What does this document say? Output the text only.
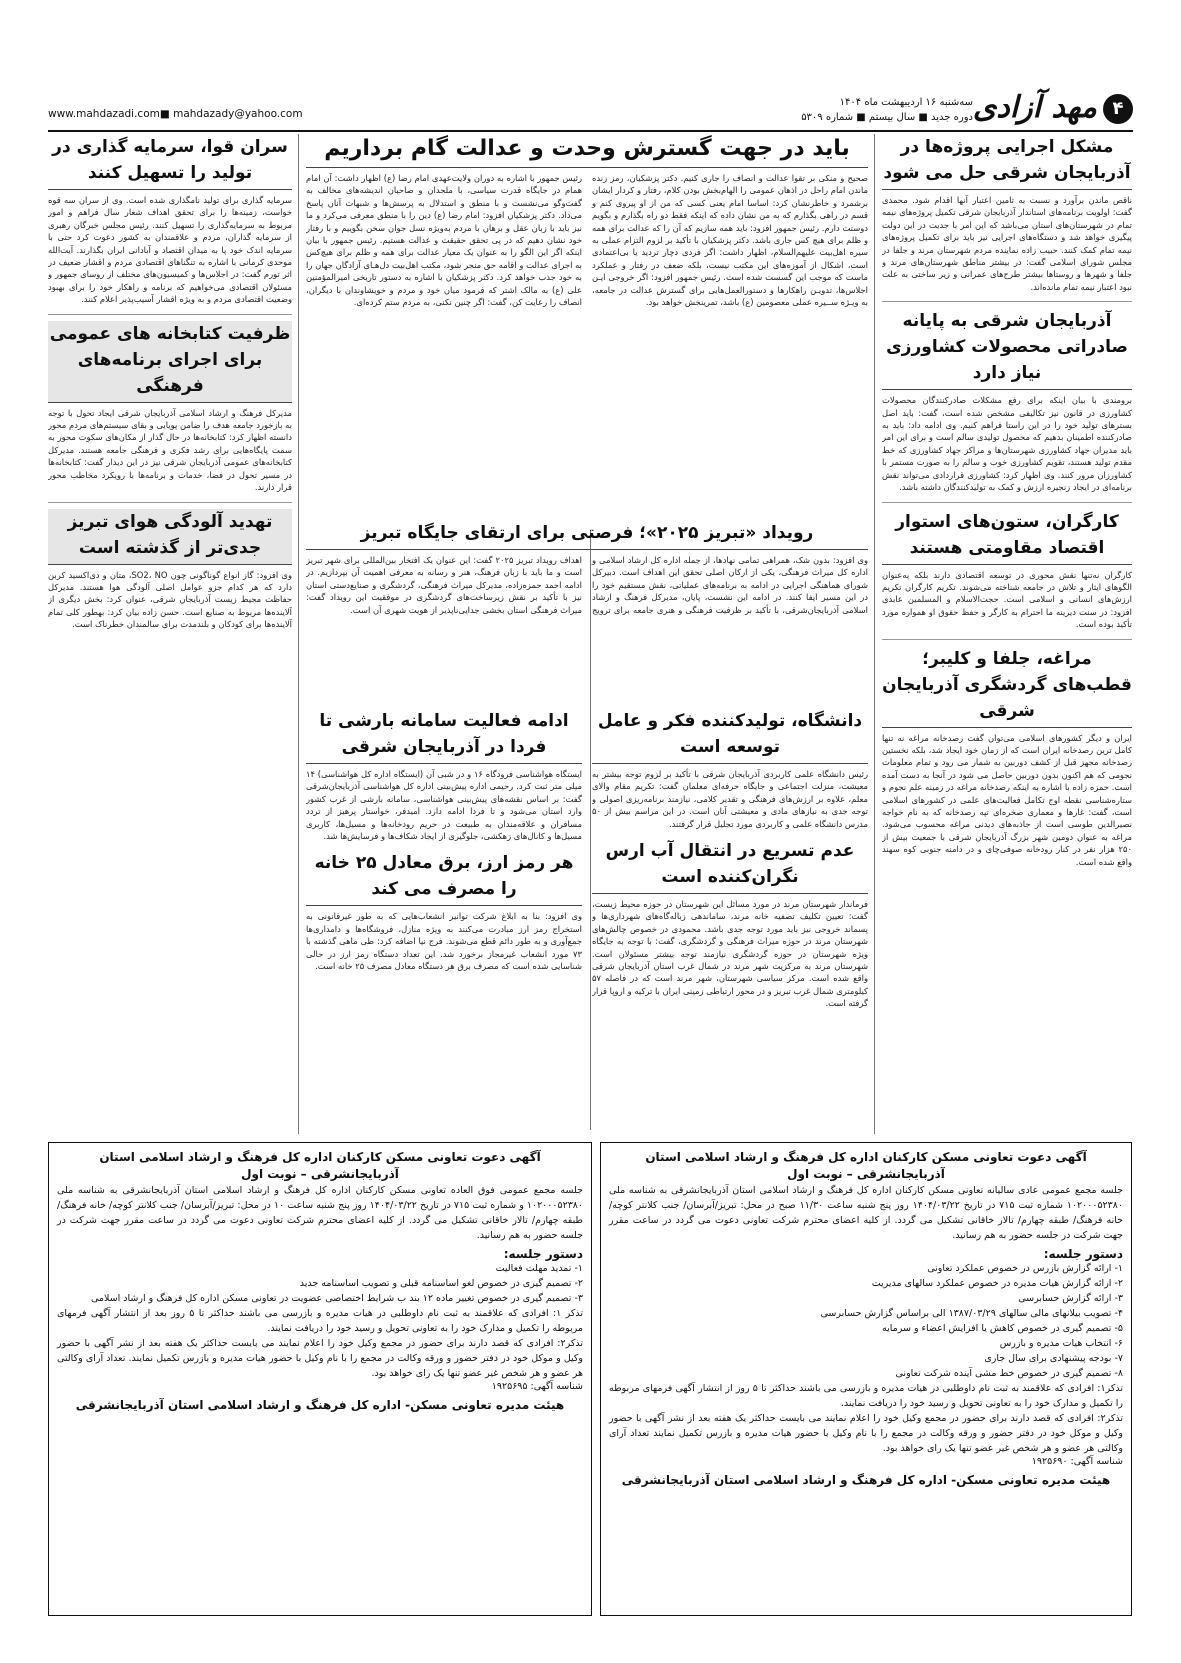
۴
مهد آزادی
سه‌شنبه ۱۶ اردیبهشت ماه ۱۴۰۴
دوره جدید ■ سال بیستم ■ شماره ۵۳۰۹
www.mahdazadi.com■ mahdazady@yahoo.com
مشکل اجرایی پروژه‌ها در آذربایجان شرقی حل می شود
ناقص ماندن برآورد و نسبت به تامین اعتبار آنها اقدام شود. محمدی گفت: اولویت برنامه‌های استاندار آذربایجان شرقی تکمیل پروژه‌های نیمه تمام در شهرستان‌های استان می‌باشد که این امر با جدیت در این دولت پیگیری خواهد شد و دستگاه‌های اجرایی نیز باید برای تکمیل پروژه‌های نیمه تمام کمک کنند. حبیب زاده نماینده مردم شهرستان مرند و جلفا در مجلس شورای اسلامی گفت: در بیشتر مناطق شهرستان‌های مرند و جلفا و شهرها و روستاها بیشتر طرح‌های عمرانی و زیر ساختی به علت نبود اعتبار نیمه تمام مانده‌اند.
آذربایجان شرقی به پایانه صادراتی محصولات کشاورزی نیاز دارد
برومندی با بیان اینکه برای رفع مشکلات صادرکنندگان محصولات کشاورزی در قانون نیز تکالیفی مشخص شده است، گفت: باید اصل بسترهای تولید خود را در این راستا فراهم کنیم. وی ادامه داد: باید به صادرکننده اطمینان بدهیم که محصول تولیدی سالم است و برای این امر باید مدیران جهاد کشاورزی شهرستان‌ها و مراکز جهاد کشاورزی که خط مقدم تولید هستند، تقویم کشاورزی خوب و سالم را به صورت مستمر با کشاورزان مرور کنند. وی اظهار کرد: کشاورزی قراردادی می‌تواند نقش برنامه‌ای در ایجاد زنجیره ارزش و کمک به تولیدکنندگان داشته باشد.
کارگران، ستون‌های استوار اقتصاد مقاومتی هستند
کارگران نه‌تنها نقش محوری در توسعه اقتصادی دارند بلکه به‌عنوان الگوهای ایثار و تلاش در جامعه شناخته می‌شوند. تکریم کارگران تکریم ارزش‌های انسانی و اسلامی است. حجت‌الاسلام و المسلمین عابدی افزود: در سنت دیرینه ما احترام به کارگر و حفظ حقوق او همواره مورد تأکید بوده است.
مراغه، جلفا و کلیبر؛ قطب‌های گردشگری آذربایجان شرقی
ایران و دیگر کشورهای اسلامی می‌توان گفت رصدخانه مراغه نه تنها کامل ترین رصدخانه ایران است که از زمان خود ایجاد شد، بلکه نخستین رصدخانه مجهز قبل از کشف دوربین به شمار می رود و تمام معلومات نجومی که هم اکنون بدون دوربین حاصل می شود در آنجا به دست آمده است. حمزه زاده با اشاره به اینکه رصدخانه مراغه در زمینه علم نجوم و ستاره‌شناسی نقطه اوج تکامل فعالیت‌های علمی در کشورهای اسلامی است، گفت: غارها و معماری صخره‌ای تپه رصدخانه که به نام خواجه نصیرالدین طوسی است از جاذبه‌های دیدنی مراغه محسوب می‌شود. مراغه به عنوان دومین شهر بزرگ آذربایجان شرقی با جمعیت بیش از ۲۵۰ هزار نفر در کنار رودخانه صوفی‌چای و در دامنه جنوبی کوه سهند واقع شده است.
باید در جهت گسترش وحدت و عدالت گام برداریم
صحیح و منکی بر تقوا عدالت و انصاف را جاری کنیم. دکتر پزشکیان، رمز زنده ماندن امام راحل در اذهان عمومی را الهام‌بخش بودن کلام، رفتار و کردار ایشان برشمرد و خاطرنشان کرد: اساسا امام یعنی کسی که من از او پیروی کنم و قسم در راهی بگذارم که به من نشان داده که اینکه فقط دو راه بگذارم و بگویم دوستت دارم. رئیس جمهور افزود: باید همه سازیم که آن را که عدالت برای همه و ظلم برای هیچ کس جاری باشد. دکتر پزشکیان با تأکید بر لزوم التزام عملی به سیره اهل‌بیت علیهم‌السلام، اظهار داشت: اگر فردی دچار تردید یا بی‌اعتمادی است، اشکال از آموزه‌های این مکتب نیست، بلکه ضعف در رفتار و عملکرد ماست که موجب این گسست شده است. رئیس جمهور افزود: اگر خروجی ایـن اجلاس‌ها، تدویـن راهکارها و دستورالعمل‌هایی برای گسترش عدالت در جامعه، به ویـژه ســیره عملی معصومین (ع) باشد، تمرینخش خواهد بود.
رئیس جمهور با اشاره به دوران ولایت‌عهدی امام رضا (ع) اظهار داشت: آن امام همام در جایگاه قدرت سیاسی، با ملحدان و صاحبان اندیشه‌های مخالف به گفت‌وگو می‌نشست و با منطق و استدلال به پرسش‌ها و شبهات آنان پاسخ می‌داد. دکتر پزشکیان افزود: امام رضا (ع) دین را با منطق معرفی می‌کرد و ما نیز باید با زبان عقل و برهان با مردم به‌ویژه نسل جوان سخن بگوییم و با رفتار خود نشان دهیم که در پی تحقق حقیقت و عدالت هستیم. رئیس جمهور با بیان اینکه اگر این الگو را به عنوان یک معیار عدالت برای همه و ظلم برای هیچ‌کس به اجرای عدالت و اقامه حق منجر شود، مکتب اهل‌بیت دل‌هـای آزادگان جهان را به خود جذب خواهد کرد. دکتر پزشکیان با اشاره به دستور تاریخی امیرالمؤمنین علی (ع) به مالک اشتر که فرمود میان خود و مردم و خویشاوندان با دیگران، انصاف را رعایت کن، گفت: اگر چنین نکنی، به مردم ستم کرده‌ای.
رویداد «تبریز ۲۰۲۵»؛ فرصتی برای ارتقای جایگاه تبریز
وی افزود: بدون شک، همراهی تمامی نهادها، از جمله اداره کل ارشاد اسلامی و اداره کل میراث فرهنگی، یکی از ارکان اصلی تحقق این اهداف است. دبیرکل شورای هماهنگی اجرایی در ادامه به برنامه‌های عملیاتی، نقش مستقیم خود را در این مسیر ایفا کنند. در ادامه این نشست، پایان، مدیرکل فرهنگ و ارشاد اسلامی آذربایجان‌شرقی، با تأکید بر ظرفیت فرهنگی و هنری جامعه برای ترویج اهداف رویداد تبریز ۲۰۲۵ گفت: این عنوان یک افتخار بین‌المللی برای شهر تبریز است و ما باید با زبان فرهنگ، هنر و رسانه به معرفی اهمیت آن بپردازیم. در ادامه احمد حمزه‌زاده، مدیرکل میراث فرهنگی، گردشگری و صنایع‌دستی استان نیز با تأکید بر نقش زیرساخت‌های گردشگری در موفقیت این رویداد گفت: میراث فرهنگی استان بخشی جدایی‌ناپذیر از هویت شهری آن است.
دانشگاه، تولیدکننده فکر و عامل توسعه است
رئیس دانشگاه علمی کاربردی آذربایجان شرقی با تأکید بر لزوم توجه بیشتر به معیشت، منزلت اجتماعی و جایگاه حرفه‌ای معلمان گفت: تکریم مقام والای معلم، علاوه بر ارزش‌های فرهنگی و تقدیر کلامی، نیازمند برنامه‌ریزی اصولی و توجه جدی به نیازهای مادی و معیشتی آنان است. در این مراسم بیش از ۵۰ مدرس دانشگاه علمی و کاربردی مورد تجلیل قرار گرفتند.
عدم تسریع در انتقال آب ارس نگران‌کننده است
فرماندار شهرستان مرند در مورد مسائل این شهرستان در حوزه محیط زیست، گفت: تعیین تکلیف تصفیه خانه مرند، ساماندهی زباله‌گاه‌های شهرداری‌ها و پسماند خروجی نیز باید مورد توجه جدی باشد. محمودی در خصوص چالش‌های شهرستان مرند در حوزه میراث فرهنگی و گردشگری، گفت: با توجه به جایگاه ویژه شهرستان در حوزه گردشگری نیازمند توجه بیشتر مسئولان است. شهرستان مرند به مرکزیت شهر مرند در شمال غرب استان آذربایجان شرقی واقع شده است. مرکز سیاسی شهرستان، شهر مرند است که در فاصله ۵۷ کیلومتری شمال غرب تبریز و در محور ارتباطی زمینی ایران با ترکیه و اروپا قرار گرفته است.
ادامه فعالیت سامانه بارشی تا فردا در آذربایجان شرقی
ایستگاه هواشناسی فرودگاه ۱۶ و در شبی آن (ایستگاه اداره کل هواشناسی) ۱۴ میلی متر ثبت کرد. رحیمی اداره پیش‌بینی اداره کل هواشناسی آذربایجان‌شرقی گفت: بر اساس نقشه‌های پیش‌بینی هواشناسی، سامانه بارشی از غرب کشور وارد استان می‌شود و تا فردا ادامه دارد. امیدفر، خواستار پرهیز از تردد مسافران و علاقه‌مندان به طبیعت در حریم رودخانه‌ها و مسیل‌ها، کاربری مسیل‌ها و کانال‌های زهکشی، جلوگیری از ایجاد شکاف‌ها و فرسایش‌ها شد.
هر رمز ارز، برق معادل ۲۵ خانه را مصرف می کند
وی افزود: بنا به ابلاغ شرکت توانیر انشعاب‌هایی که به طور غیرقانونی به استخراج رمز ارز مبادرت می‌کنند به ویژه منازل، فروشگاه‌ها و دامداری‌ها جمع‌آوری و به طور دائم قطع می‌شوند. فرج نیا اضافه کرد: طی ماهی گذشته با ۷۳ مورد انشعاب غیرمجاز برخورد شد. این تعداد دستگاه رمز ارز در حالی شناسایی شده است که مصرف برق هر دستگاه معادل مصرف ۲۵ خانه است.
سران قوا، سرمایه گذاری در تولید را تسهیل کنند
سرمایه گذاری برای تولید نامگذاری شده است. وی از سران سه قوه خواست، زمینه‌ها را برای تحقق اهداف شعار سال فراهم و امور مربوط به سرمایه‌گذاری را تسهیل کنند. رئیس مجلس خبرگان رهبری از سرمایه گذاران، مردم و علاقمندان به کشور دعوت کرد حتی با سرمایه اندک خود پا به میدان اقتصاد و آبادانی ایران بگذارند. آیت‌الله موحدی کرمانی با اشاره به تنگناهای اقتصادی مردم و اقشار ضعیف در اثر تورم گفت: در اجلاس‌ها و کمیسیون‌های مختلف از روسای جمهور و مسئولان اقتصادی می‌خواهیم که برنامه و راهکار خود را برای بهبود وضعیت اقتصادی مردم و به ویژه اقشار آسیب‌پذیر اعلام کنند.
ظرفیت کتابخانه های عمومی برای اجرای برنامه‌های فرهنگی
مدیرکل فرهنگ و ارشاد اسلامی آذربایجان شرقی ایجاد تحول با توجه به بازخورد جامعه هدف را ضامن پویایی و بقای سیستم‌های مردم محور دانسته اظهار کرد: کتابخانه‌ها در حال گذار از مکان‌های سکوت محور به سمت پایگاه‌هایی برای رشد فکری و فرهنگی جامعه هستند. مدیرکل کتابخانه‌های عمومی آذربایجان شرقی نیز در این دیدار گفت: کتابخانه‌ها در مسیر تحول در فضا، خدمات و برنامه‌ها با رویکرد مخاطب محور قرار دارند.
تهدید آلودگی هوای تبریز جدی‌تر از گذشته است
وی افزود: گاز انواع گوناگونی چون SO2، NO، متان و دی‌اکسید کربن دارد که هر کدام جزو عوامل اصلی آلودگی هوا هستند. مدیرکل حفاظت محیط زیست آذربایجان شرقی، عنوان کرد: بخش دیگری از آلاینده‌ها مربوط به صنایع است. حسن زاده بیان کرد: بهطور کلی تمام آلاینده‌ها برای کودکان و بلندمدت برای سالمندان خطرناک است.
آگهی دعوت تعاونی مسکن کارکنان اداره کل فرهنگ و ارشاد اسلامی استان آذربایجانشرقی – نوبت اول
جلسه مجمع عمومی عادی سالیانه تعاونی مسکن کارکنان اداره کل فرهنگ و ارشاد اسلامی استان آذربایجانشرقی به شناسه ملی ۱۰۲۰۰۰۵۲۳۸۰ شماره ثبت ۷۱۵ در تاریخ ۱۴۰۴/۰۳/۲۲ روز پنج شنبه ساعت ۱۱/۳۰ صبح در محل: تبریز/آبرسان/ جنب کلانتر کوچه/ خانه فرهنگ/ طبقه چهارم/ تالار خاقانی تشکیل می گردد. از کلیه اعضای محترم شرکت تعاونی دعوت می گردد در ساعت مقرر جهت شرکت در جلسه حضور به هم رسانید.
دستور جلسه:
۱- ارائه گزارش بازرس در خصوص عملکرد تعاونی
۲- ارائه گزارش هیات مدیره در خصوص عملکرد سالهای مدیریت
۳- ارائه گزارش حسابرسی
۴- تصویب بیلانهای مالی سالهای ۱۳۸۷/۰۳/۲۹ الی براساس گزارش حسابرسی
۵- تصمیم گیری در خصوص کاهش یا افزایش اعضاء و سرمایه
۶- انتخاب هیات مدیره و بازرس
۷- بودجه پیشنهادی برای سال جاری
۸- تصمیم گیری در خصوص خط مشی آینده شرکت تعاونی
تذکر۱: افرادی که علاقمند به ثبت نام داوطلبی در هیات مدیره و بازرسی می باشند حداکثر تا ۵ روز از انتشار آگهی فرمهای مربوطه را تکمیل و مدارک خود را به تعاونی تحویل و رسید خود را دریافت نمایند.
تذکر۲: افرادی که قصد دارند برای حضور در مجمع وکیل خود را اعلام نمایند می بایست حداکثر یک هفته بعد از نشر آگهی با حضور وکیل و موکل خود در دفتر حضور و ورقه وکالت در مجمع را با نام وکیل با حضور هیات مدیره و بازرس تکمیل نمایند تعداد آرای وکالتی هر عضو و هر شخص غیر عضو تنها یک رای خواهد بود.
شناسه آگهی: ۱۹۲۵۶۹۰
هیئت مدیره تعاونی مسکن- اداره کل فرهنگ و ارشاد اسلامی استان آذربایجانشرقی
آگهی دعوت تعاونی مسکن کارکنان اداره کل فرهنگ و ارشاد اسلامی استان آذربایجانشرقی – نوبت اول
جلسه مجمع عمومی فوق العاده تعاونی مسکن کارکنان اداره کل فرهنگ و ارشاد اسلامی استان آذربایجانشرقی به شناسه ملی ۱۰۲۰۰۰۵۲۳۸۰ و شماره ثبت ۷۱۵ در تاریخ ۱۴۰۴/۰۳/۲۲ روز پنج شنبه ساعت ۱۰ در محل: تبریز/آبرسان/ جنب کلانتر کوچه/ خانه فرهنگ/ طبقه چهارم/ تالار خاقانی تشکیل می گردد. از کلیه اعضای محترم شرکت تعاونی دعوت می گردد در ساعت مقرر جهت شرکت در جلسه حضور به هم رسانید.
دستور جلسه:
۱- تمدید مهلت فعالیت
۲- تصمیم گیری در خصوص لغو اساسنامه قبلی و تصویب اساسنامه جدید
۳- تصمیم گیری در خصوص تغییر ماده ۱۲ بند ب شرایط اختصاصی عضویت در تعاونی مسکن اداره کل فرهنگ و ارشاد اسلامی
تذکر ۱: افرادی که علاقمند به ثبت نام داوطلبی در هیات مدیره و بازرسی می باشند حداکثر تا ۵ روز بعد از انتشار آگهی فرمهای مربوطه را تکمیل و مدارک خود را به تعاونی تحویل و رسید خود را دریافت نمایند.
تذکر۲: افرادی که قصد دارند برای حضور در مجمع وکیل خود را اعلام نمایند می بایست حداکثر یک هفته بعد از نشر آگهی با حضور وکیل و موکل خود در دفتر حضور و ورقه وکالت در مجمع را با نام وکیل با حضور هیات مدیره و بازرس تکمیل نمایند. تعداد آرای وکالتی هر عضو و هر شخص غیر عضو تنها یک رای خواهد بود.
شناسه آگهی: ۱۹۲۵۶۹۵
هیئت مدیره تعاونی مسکن- اداره کل فرهنگ و ارشاد اسلامی استان آذربایجانشرقی
